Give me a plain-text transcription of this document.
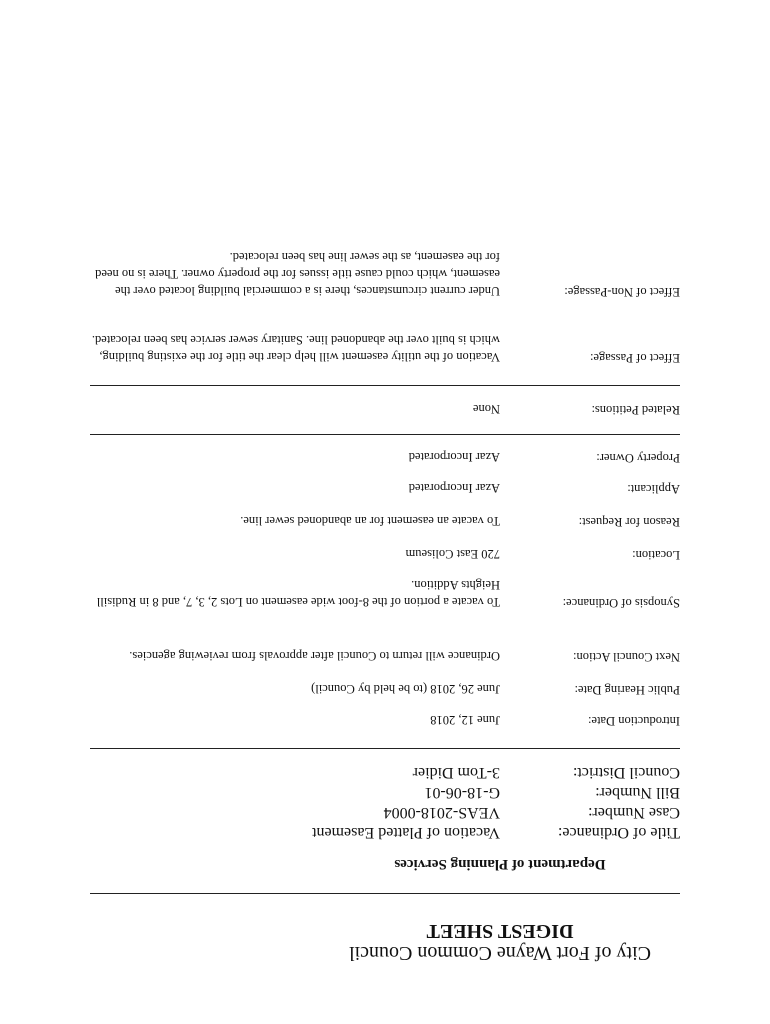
City of Fort Wayne Common Council
DIGEST SHEET
Department of Planning Services
Title of Ordinance:
Vacation of Platted Easement
Case Number:
VEAS-2018-0004
Bill Number:
G-18-06-01
Council District:
3-Tom Didier
Introduction Date:
June 12, 2018
Public Hearing Date:
June 26, 2018 (to be held by Council)
Next Council Action:
Ordinance will return to Council after approvals from reviewing agencies.
Synopsis of Ordinance:
To vacate a portion of the 8-foot wide easement on Lots 2, 3, 7, and 8 in Rudisill Heights Addition.
Location:
720 East Coliseum
Reason for Request:
To vacate an easement for an abandoned sewer line.
Applicant:
Azar Incorporated
Property Owner:
Azar Incorporated
Related Petitions:
None
Effect of Passage:
Vacation of the utility easement will help clear the title for the existing building, which is built over the abandoned line. Sanitary sewer service has been relocated.
Effect of Non-Passage:
Under current circumstances, there is a commercial building located over the easement, which could cause title issues for the property owner. There is no need for the easement, as the sewer line has been relocated.
